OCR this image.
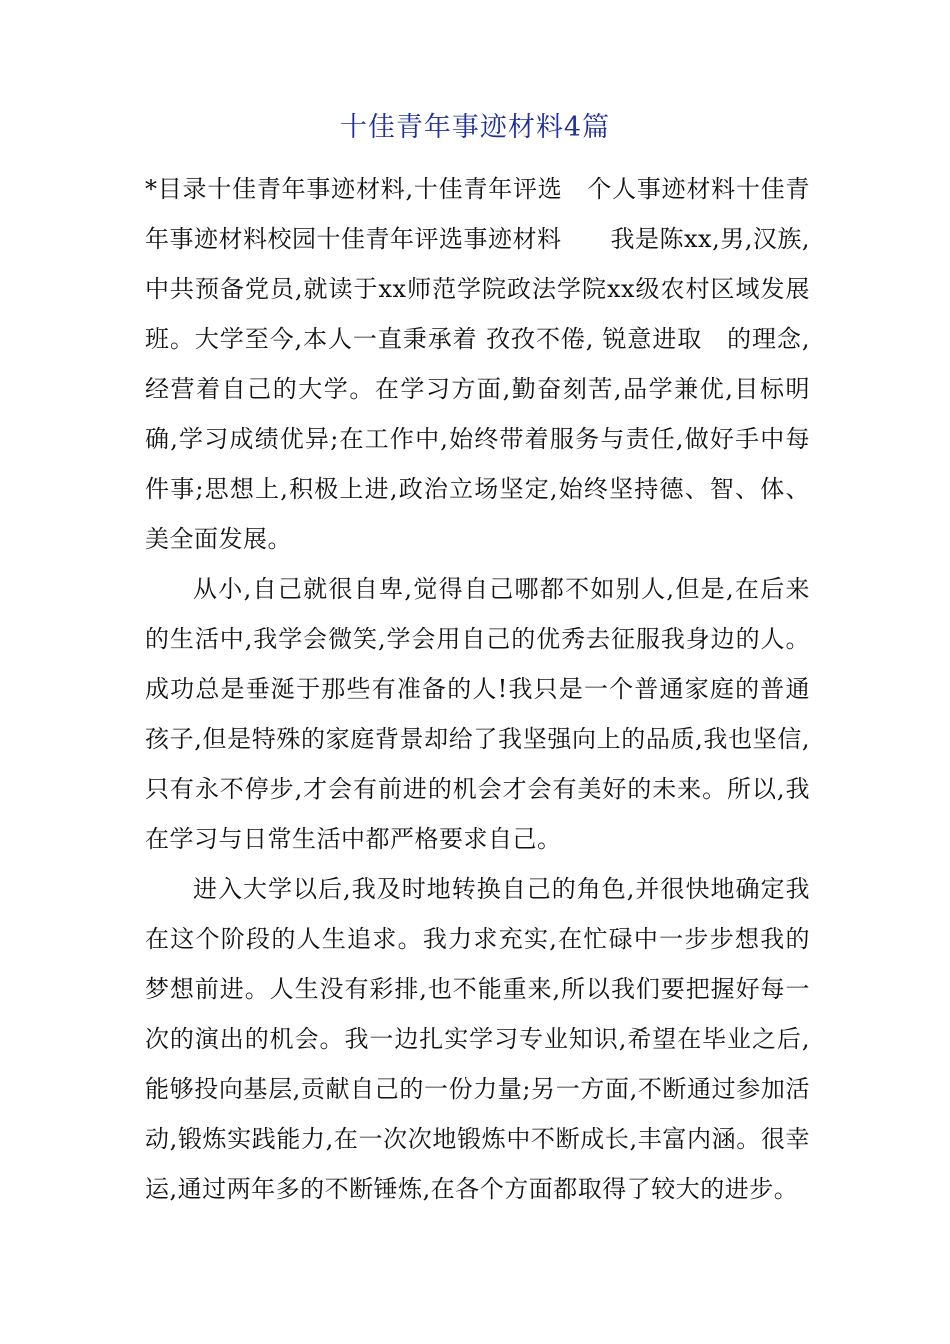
十佳青年事迹材料4篇

*目录十佳青年事迹材料,十佳青年评选　个人事迹材料十佳青年事迹材料校园十佳青年评选事迹材料　　我是陈xx,男,汉族,中共预备党员,就读于xx师范学院政法学院xx级农村区域发展班。大学至今,本人一直秉承着 孜孜不倦, 锐意进取　的理念,经营着自己的大学。在学习方面,勤奋刻苦,品学兼优,目标明确,学习成绩优异;在工作中,始终带着服务与责任,做好手中每件事;思想上,积极上进,政治立场坚定,始终坚持德、智、体、美全面发展。

从小,自己就很自卑,觉得自己哪都不如别人,但是,在后来的生活中,我学会微笑,学会用自己的优秀去征服我身边的人。成功总是垂涎于那些有准备的人!我只是一个普通家庭的普通孩子,但是特殊的家庭背景却给了我坚强向上的品质,我也坚信,只有永不停步,才会有前进的机会才会有美好的未来。所以,我在学习与日常生活中都严格要求自己。

进入大学以后,我及时地转换自己的角色,并很快地确定我在这个阶段的人生追求。我力求充实,在忙碌中一步步想我的梦想前进。人生没有彩排,也不能重来,所以我们要把握好每一次的演出的机会。我一边扎实学习专业知识,希望在毕业之后,能够投向基层,贡献自己的一份力量;另一方面,不断通过参加活动,锻炼实践能力,在一次次地锻炼中不断成长,丰富内涵。很幸运,通过两年多的不断锤炼,在各个方面都取得了较大的进步。
